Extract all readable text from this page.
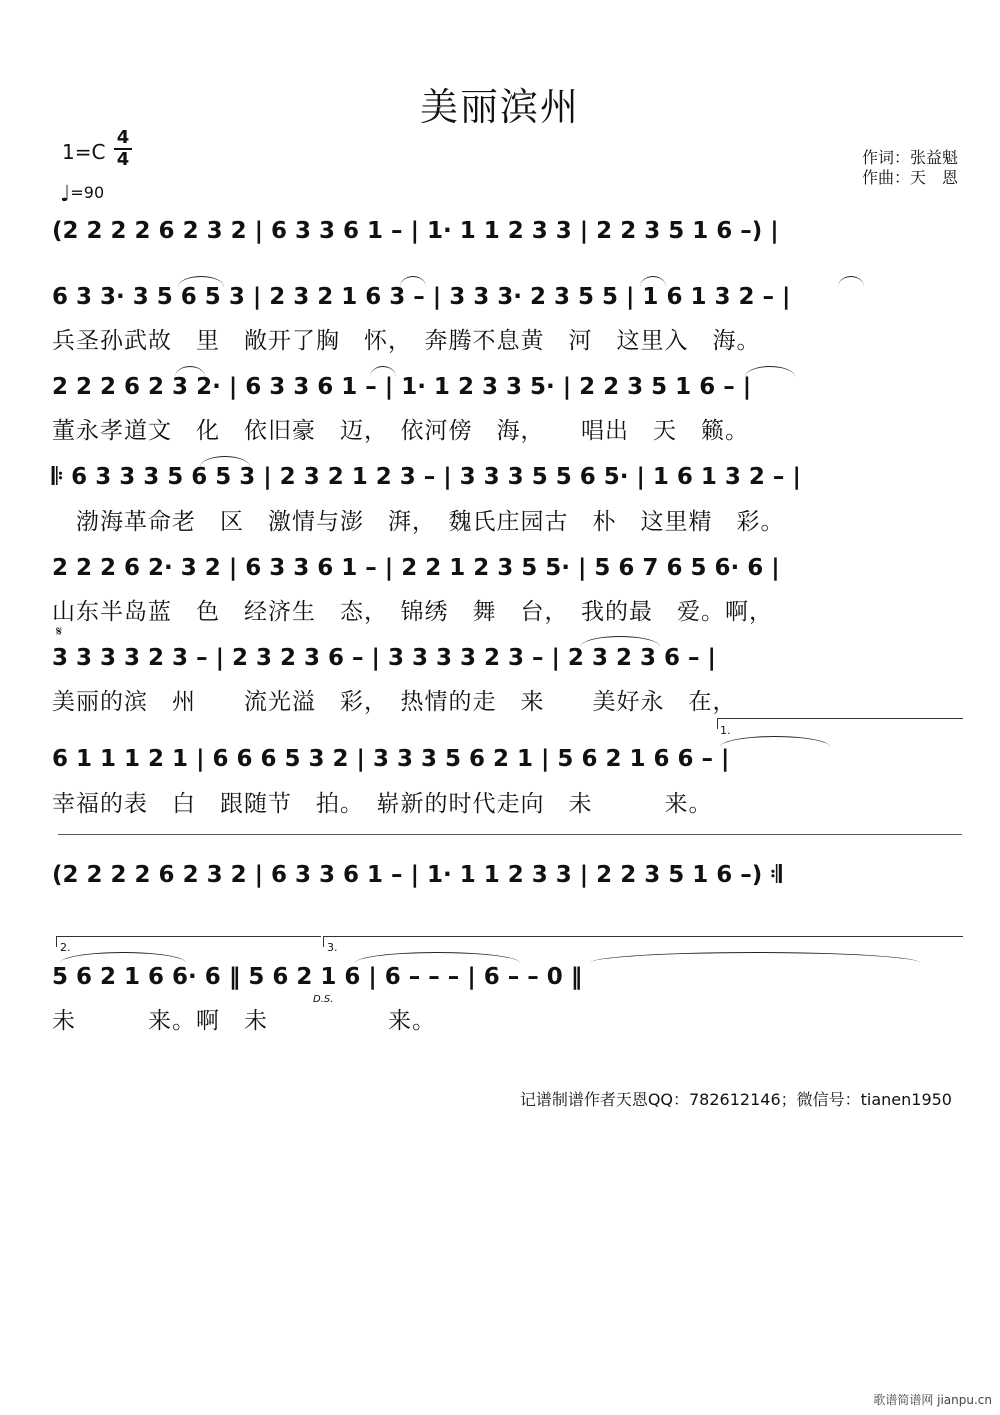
美丽滨州
1=C
4
4
♩=90
作词：张益魁
作曲：天　恩
(2 2 2 2 6 2 3 2 | 6 3 3 6 1 – | 1· 1 1 2 3 3 | 2 2 3 5 1 6 –) |
6 3 3· 3 5 6 5 3 | 2 3 2 1 6 3 – | 3 3 3· 2 3 5 5 | 1 6 1 3 2 – |
兵圣孙武故　里　敞开了胸　怀，　奔腾不息黄　河　这里入　海。
2 2 2 6 2 3 2· | 6 3 3 6 1 – | 1· 1 2 3 3 5· | 2 2 3 5 1 6 – |
董永孝道文　化　依旧豪　迈，　依河傍　海，　　唱出　天　籁。
𝄆 6 3 3 3 5 6 5 3 | 2 3 2 1 2 3 – | 3 3 3 5 5 6 5· | 1 6 1 3 2 – |
　渤海革命老　区　激情与澎　湃，　魏氏庄园古　朴　这里精　彩。
2 2 2 6 2· 3 2 | 6 3 3 6 1 – | 2 2 1 2 3 5 5· | 5 6 7 6 5 6· 6 |
山东半岛蓝　色　经济生　态，　锦绣　舞　台，　我的最　爱。啊，
𝄋
3 3 3 3 2 3 – | 2 3 2 3 6 – | 3 3 3 3 2 3 – | 2 3 2 3 6 – |
美丽的滨　州　　流光溢　彩，　热情的走　来　　美好永　在，
1.
6 1 1 1 2 1 | 6 6 6 5 3 2 | 3 3 3 5 6 2 1 | 5 6 2 1 6 6 – |
幸福的表　白　跟随节　拍。　崭新的时代走向　未　　　来。
(2 2 2 2 6 2 3 2 | 6 3 3 6 1 – | 1· 1 1 2 3 3 | 2 2 3 5 1 6 –) 𝄇
2.	3.
5 6 2 1 6 6· 6 ‖ 5 6 2 1 6 | 6 – – – | 6 – – 0 ‖
D.S.
未　　　来。啊　未　　　　　来。
记谱制谱作者天恩QQ：782612146；微信号：tianen1950
歌谱简谱网 jianpu.cn
